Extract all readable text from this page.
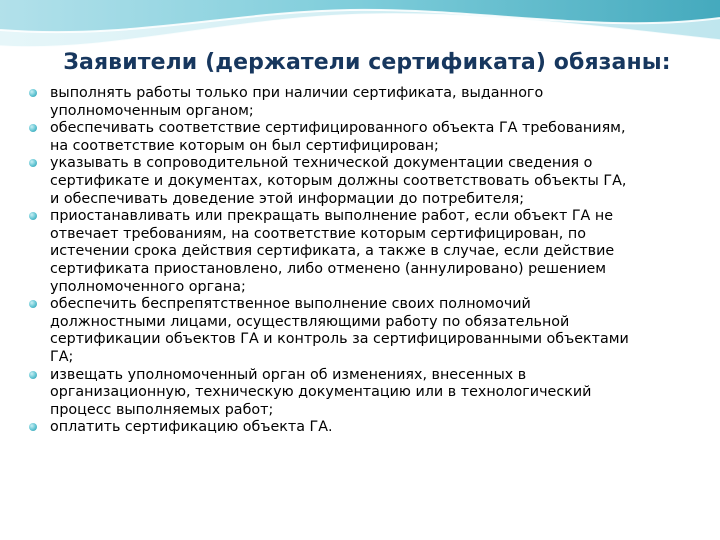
Заявители (держатели сертификата) обязаны:
выполнять работы только при наличии сертификата, выданного
уполномоченным органом;
обеспечивать соответствие сертифицированного объекта ГА требованиям,
на соответствие которым он был сертифицирован;
указывать в сопроводительной технической документации сведения о
сертификате и документах, которым должны соответствовать объекты ГА,
и обеспечивать доведение этой информации до потребителя;
приостанавливать или прекращать выполнение работ, если объект ГА не
отвечает требованиям, на соответствие которым сертифицирован, по
истечении срока действия сертификата, а также в случае, если действие
сертификата приостановлено, либо отменено (аннулировано) решением
уполномоченного органа;
обеспечить беспрепятственное выполнение своих полномочий
должностными лицами, осуществляющими работу по обязательной
сертификации объектов ГА и контроль за сертифицированными объектами
ГА;
извещать уполномоченный орган об изменениях, внесенных в
организационную, техническую документацию или в технологический
процесс выполняемых работ;
оплатить сертификацию объекта ГА.
